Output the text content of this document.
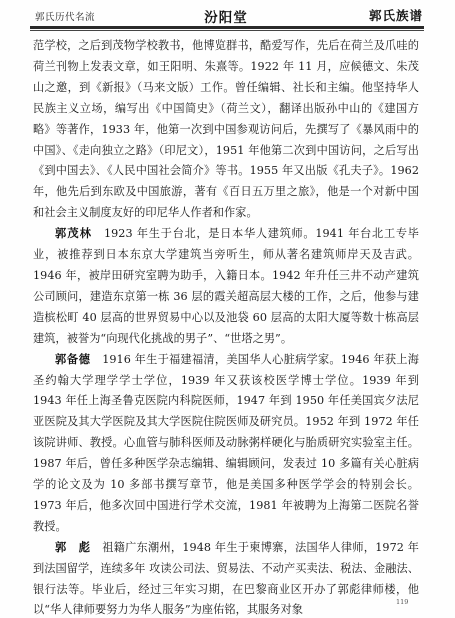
郭氏历代名流	汾阳堂	郭氏族谱

范学校，之后到茂物学校教书，他博览群书，酷爱写作，先后在荷兰及爪哇的荷兰刊物上发表文章，如王阳明、朱熹等。1922 年 11 月，应候德文、朱茂山之邀，到《新报》（马来文版）工作。曾任编辑、社长和主编。他坚持华人民族主义立场，编写出《中国简史》（荷兰文），翻译出版孙中山的《建国方略》等著作，1933 年，他第一次到中国参观访问后，先撰写了《暴风雨中的中国》、《走向独立之路》（印尼文），1951 年他第二次到中国访问，之后写出《到中国去》、《人民中国社会简介》等书。1955 年又出版《孔夫子》。1962 年，他先后到东欧及中国旅游，著有《百日五万里之旅》，他是一个对新中国和社会主义制度友好的印尼华人作者和作家。

郭茂林　 1923 年生于台北，是日本华人建筑师。1941 年台北工专毕业，被推荐到日本东京大学建筑当旁听生，师从著名建筑师岸天及吉武。1946 年，被岸田研究室聘为助手，入籍日本。1942 年升任三井不动产建筑公司顾问，建造东京第一栋 36 层的霞关超高层大楼的工作，之后，他参与建造槟松町 40 层高的世界贸易中心以及池袋 60 层高的太阳大厦等数十栋高层建筑，被誉为“向现代化挑战的男子”、“世塔之男”。

郭备德　 1916 年生于福建福清，美国华人心脏病学家。1946 年获上海圣约翰大学理学学士学位，1939 年又获该校医学博士学位。1939 年到 1943 年任上海圣鲁克医院内科院医师，1947 年到 1950 年任美国宾夕法尼亚医院及其大学医院及其大学医院住院医师及研究员。1952 年到 1972 年任该院讲师、教授。心血管与肺科医师及动脉粥样硬化与胎质研究实验室主任。1987 年后，曾任多种医学杂志编辑、编辑顾问，发表过 10 多篇有关心脏病学的论文及为 10 多部书撰写章节，他是美国多种医学学会的特别会长。1973 年后，他多次回中国进行学术交流，1981 年被聘为上海第二医院名誉教授。

郭　彪　 祖籍广东潮州，1948 年生于柬博寨，法国华人律师，1972 年到法国留学，连续多年 攻读公司法、贸易法、不动产买卖法、税法、金融法、银行法等。毕业后，经过三年实习期，在巴黎商业区开办了郭彪律师楼，他以“华人律师要努力为华人服务”为座佑铭，其服务对象

119
